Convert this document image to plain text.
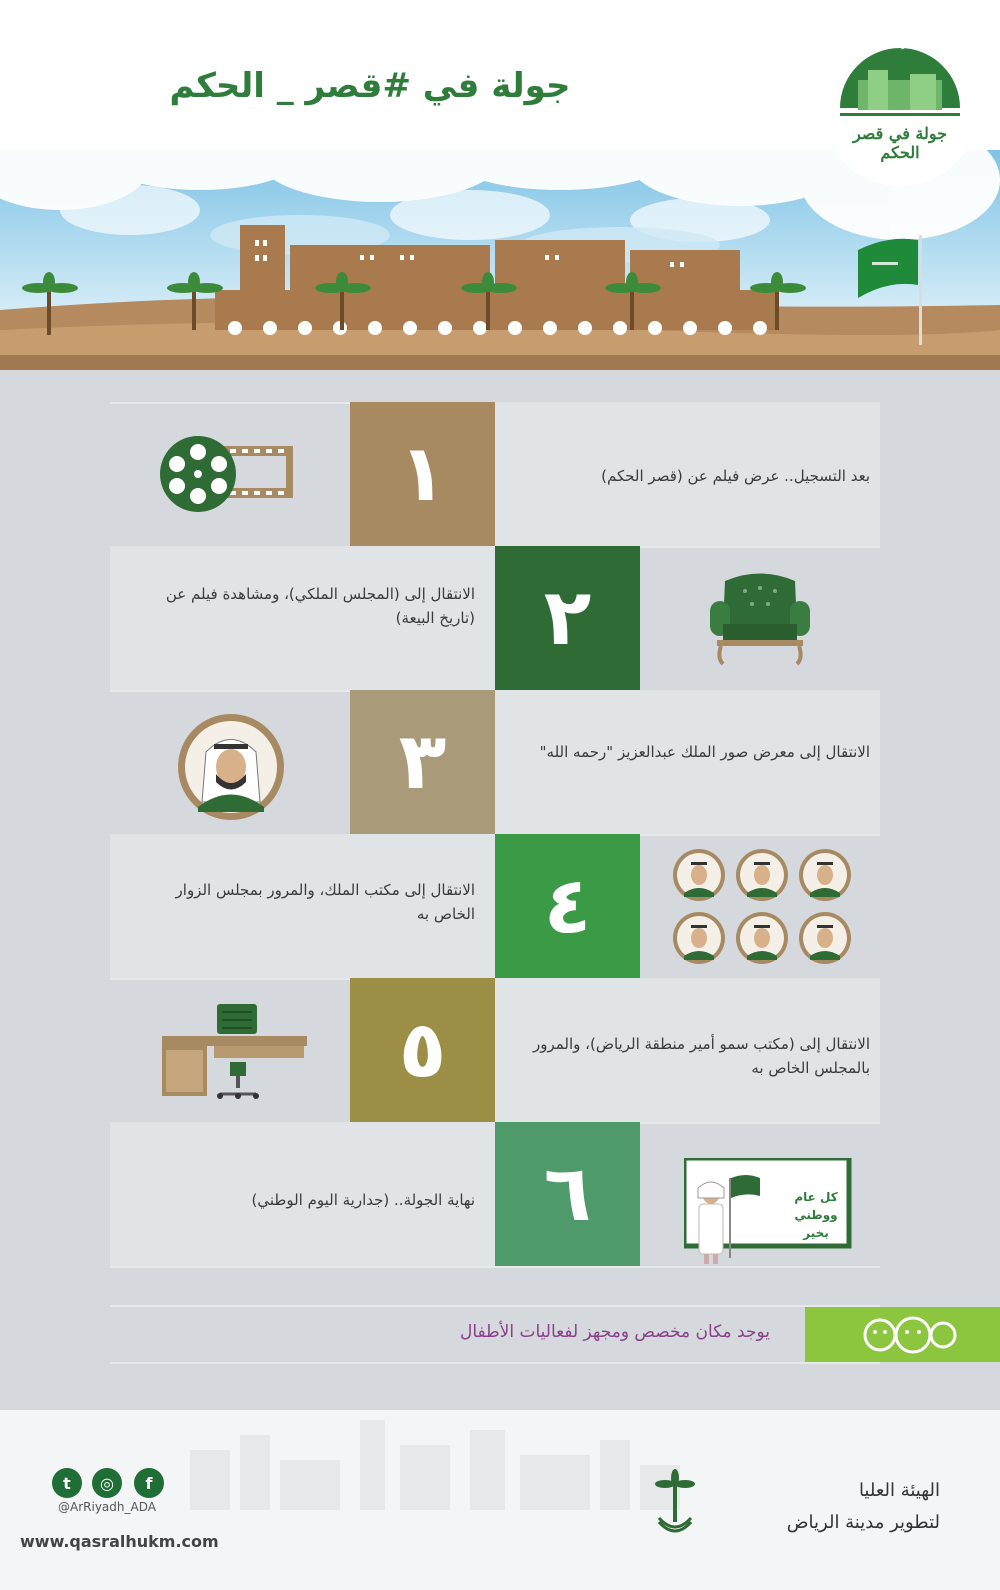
الملكية العربية السعودية
جولة في قصر الحكم
جولة في #قصر _ الحكم
١	بعد التسجيل.. عرض فيلم عن (قصر الحكم)
٢
الانتقال إلى (المجلس الملكي)، ومشاهدة فيلم عن (تاريخ البيعة)
٣	الانتقال إلى معرض صور الملك عبدالعزيز "رحمه الله"
٤
الانتقال إلى مكتب الملك، والمرور بمجلس الزوار الخاص به
٥	الانتقال إلى (مكتب سمو أمير منطقة الرياض)، والمرور بالمجلس الخاص به
٦
نهاية الجولة.. (جدارية اليوم الوطني)	كل عام ووطني بخير
يوجد مكان مخصص ومجهز لفعاليات الأطفال
t	◎	f
@ArRiyadh_ADA
www.qasralhukm.com
الهيئة العليا
لتطوير مدينة الرياض
